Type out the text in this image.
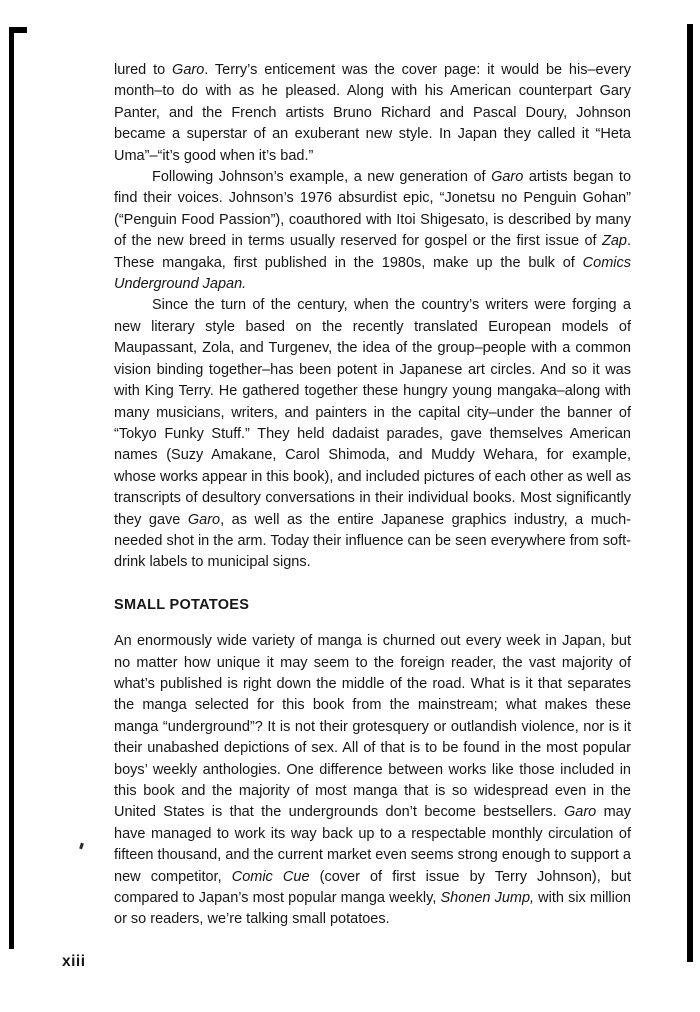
lured to Garo. Terry’s enticement was the cover page: it would be his–every month–to do with as he pleased. Along with his American counterpart Gary Panter, and the French artists Bruno Richard and Pascal Doury, Johnson became a superstar of an exuberant new style. In Japan they called it “Heta Uma”–“it’s good when it’s bad.”

Following Johnson’s example, a new generation of Garo artists began to find their voices. Johnson’s 1976 absurdist epic, “Jonetsu no Penguin Gohan” (“Penguin Food Passion”), coauthored with Itoi Shigesato, is described by many of the new breed in terms usually reserved for gospel or the first issue of Zap. These mangaka, first published in the 1980s, make up the bulk of Comics Underground Japan.

Since the turn of the century, when the country’s writers were forging a new literary style based on the recently translated European models of Maupassant, Zola, and Turgenev, the idea of the group–people with a common vision binding together–has been potent in Japanese art circles. And so it was with King Terry. He gathered together these hungry young mangaka–along with many musicians, writers, and painters in the capital city–under the banner of “Tokyo Funky Stuff.” They held dadaist parades, gave themselves American names (Suzy Amakane, Carol Shimoda, and Muddy Wehara, for example, whose works appear in this book), and included pictures of each other as well as transcripts of desultory conversations in their individual books. Most significantly they gave Garo, as well as the entire Japanese graphics industry, a much-needed shot in the arm. Today their influence can be seen everywhere from soft-drink labels to municipal signs.

SMALL POTATOES

An enormously wide variety of manga is churned out every week in Japan, but no matter how unique it may seem to the foreign reader, the vast majority of what’s published is right down the middle of the road. What is it that separates the manga selected for this book from the mainstream; what makes these manga “underground”? It is not their grotesquery or outlandish violence, nor is it their unabashed depictions of sex. All of that is to be found in the most popular boys’ weekly anthologies. One difference between works like those included in this book and the majority of most manga that is so widespread even in the United States is that the undergrounds don’t become bestsellers. Garo may have managed to work its way back up to a respectable monthly circulation of fifteen thousand, and the current market even seems strong enough to support a new competitor, Comic Cue (cover of first issue by Terry Johnson), but compared to Japan’s most popular manga weekly, Shonen Jump, with six million or so readers, we’re talking small potatoes.

xiii
